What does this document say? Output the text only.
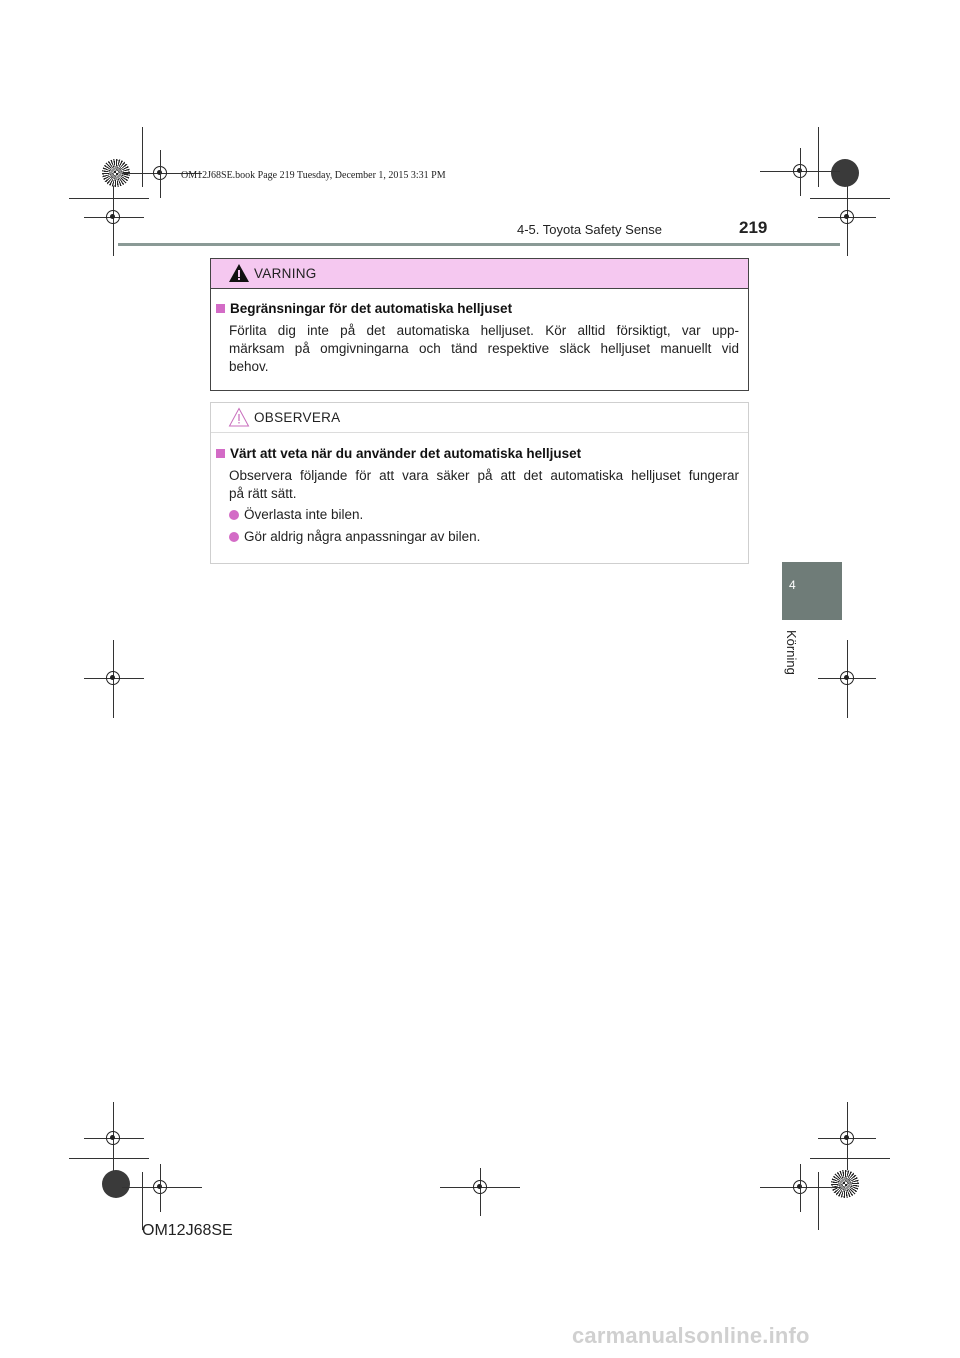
OM12J68SE.book Page 219 Tuesday, December 1, 2015 3:31 PM
4-5. Toyota Safety Sense	219
4
Körning
VARNING
Begränsningar för det automatiska helljuset
Förlita dig inte på det automatiska helljuset. Kör alltid försiktigt, var upp-
märksam på omgivningarna och tänd respektive släck helljuset manuellt vid
behov.
OBSERVERA
Värt att veta när du använder det automatiska helljuset
Observera följande för att vara säker på att det automatiska helljuset fungerar
på rätt sätt.
Överlasta inte bilen.
Gör aldrig några anpassningar av bilen.
OM12J68SE
carmanualsonline.info
